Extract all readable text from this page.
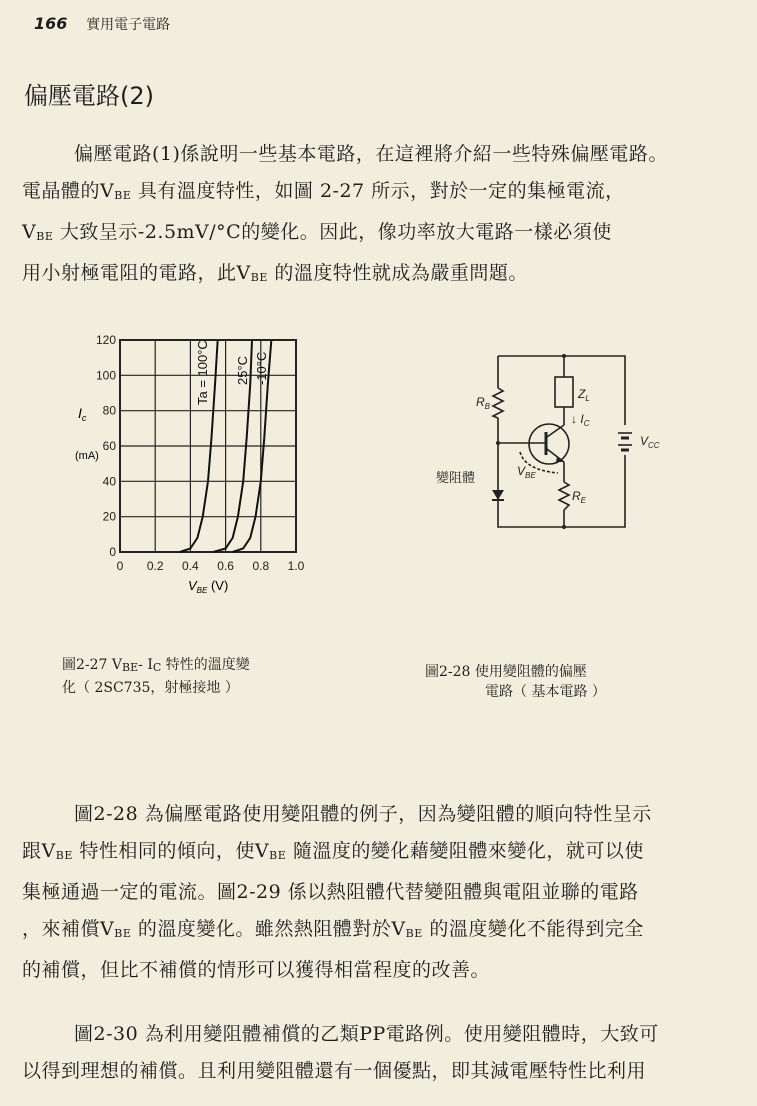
166 實用電子電路
偏壓電路(2)
偏壓電路(1)係說明一些基本電路，在這裡將介紹一些特殊偏壓電路。
電晶體的VBE 具有溫度特性，如圖 2-27 所示，對於一定的集極電流，
VBE 大致呈示-2.5mV/°C的變化。因此，像功率放大電路一樣必須使
用小射極電阻的電路，此VBE 的溫度特性就成為嚴重問題。
0 0.2 0.4 0.6 0.8 1.0
0
20
40
60
80
100
120
$I_c$
(mA)
$V_{BE}$ (V)
Ta = 100°C 25°C -10°C
$R_B$
$Z_L$
↓ $I_C$
$V_{CC}$
$V_{BE}$
$R_E$
變阻體
圖2-27 VBE- IC 特性的溫度變
化（ 2SC735，射極接地 ）
圖2-28 使用變阻體的偏壓
電路（ 基本電路 ）
圖2-28 為偏壓電路使用變阻體的例子，因為變阻體的順向特性呈示
跟VBE 特性相同的傾向，使VBE 隨溫度的變化藉變阻體來變化，就可以使
集極通過一定的電流。圖2-29 係以熱阻體代替變阻體與電阻並聯的電路
，來補償VBE 的溫度變化。雖然熱阻體對於VBE 的溫度變化不能得到完全
的補償，但比不補償的情形可以獲得相當程度的改善。
圖2-30 為利用變阻體補償的乙類PP電路例。使用變阻體時，大致可
以得到理想的補償。且利用變阻體還有一個優點，即其減電壓特性比利用
